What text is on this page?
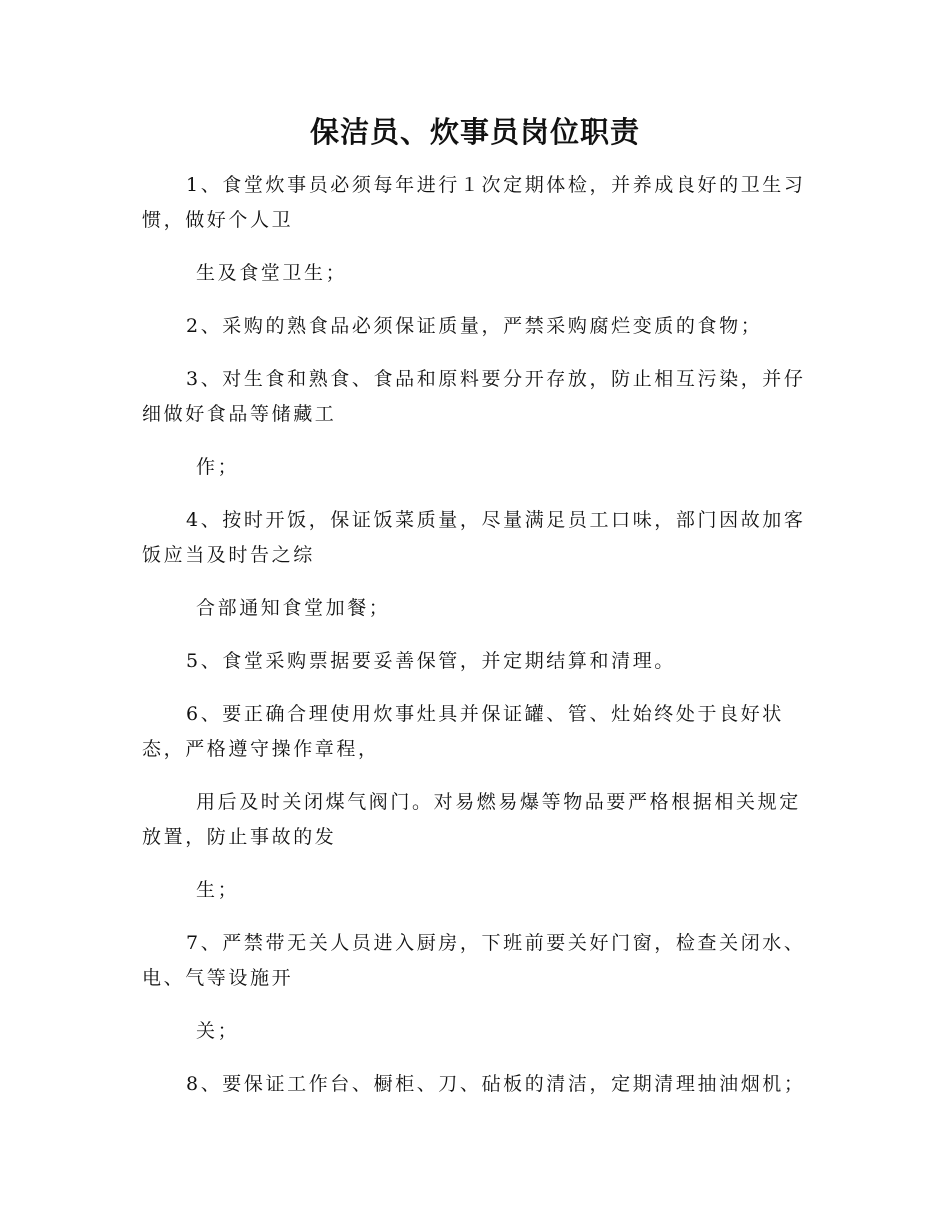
保洁员、炊事员岗位职责
1、食堂炊事员必须每年进行１次定期体检，并养成良好的卫生习
惯，做好个人卫
生及食堂卫生；
2、采购的熟食品必须保证质量，严禁采购腐烂变质的食物；
3、对生食和熟食、食品和原料要分开存放，防止相互污染，并仔
细做好食品等储藏工
作；
4、按时开饭，保证饭菜质量，尽量满足员工口味，部门因故加客
饭应当及时告之综
合部通知食堂加餐；
5、食堂采购票据要妥善保管，并定期结算和清理。
6、要正确合理使用炊事灶具并保证罐、管、灶始终处于良好状
态，严格遵守操作章程，
用后及时关闭煤气阀门。对易燃易爆等物品要严格根据相关规定
放置，防止事故的发
生；
7、严禁带无关人员进入厨房，下班前要关好门窗，检查关闭水、
电、气等设施开
关；
8、要保证工作台、橱柜、刀、砧板的清洁，定期清理抽油烟机；
